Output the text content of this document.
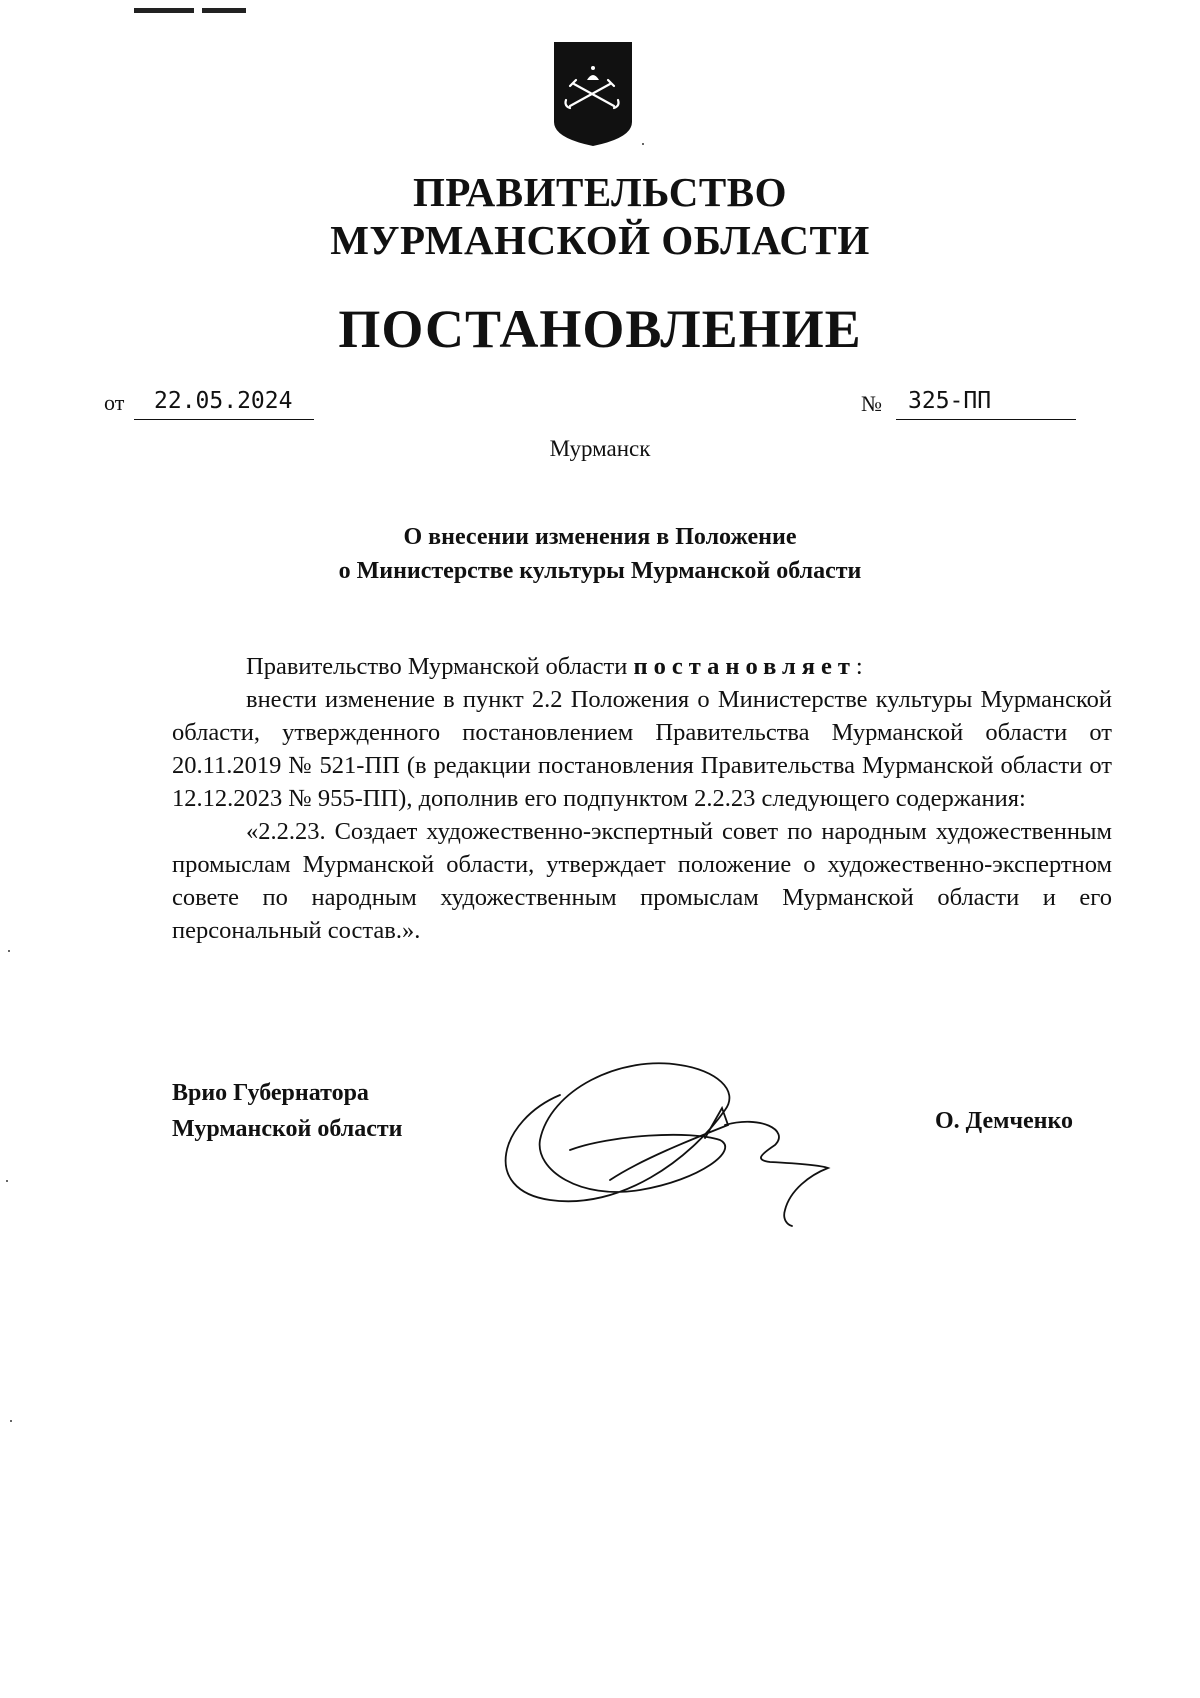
ПРАВИТЕЛЬСТВО
МУРМАНСКОЙ ОБЛАСТИ
ПОСТАНОВЛЕНИЕ
от	22.05.2024	№	325-ПП
Мурманск
О внесении изменения в Положение
о Министерстве культуры Мурманской области

Правительство Мурманской области постановляет:

внести изменение в пункт 2.2 Положения о Министерстве культуры Мурманской области, утвержденного постановлением Правительства Мурманской области от 20.11.2019 № 521-ПП (в редакции постановления Правительства Мурманской области от 12.12.2023 № 955-ПП), дополнив его подпунктом 2.2.23 следующего содержания:

«2.2.23. Создает художественно-экспертный совет по народным художественным промыслам Мурманской области, утверждает положение о художественно-экспертном совете по народным художественным промыслам Мурманской области и его персональный состав.».

Врио Губернатора
Мурманской области	О. Демченко
